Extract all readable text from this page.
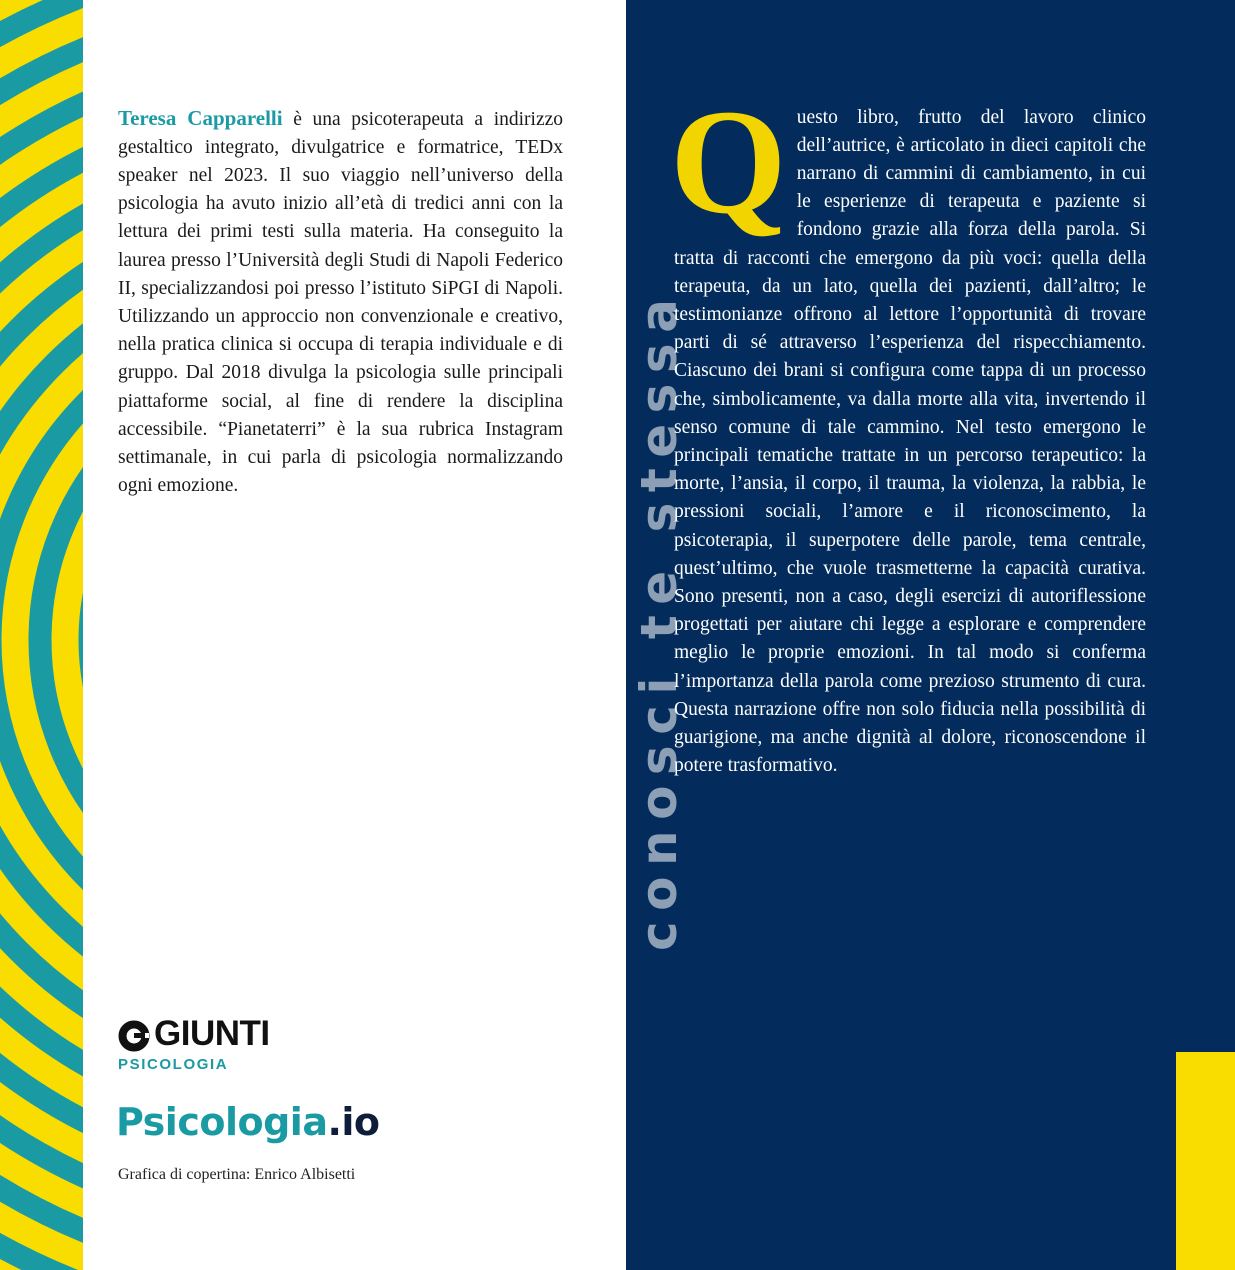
Teresa Capparelli è una psicoterapeuta a indirizzo gestaltico integrato, divulgatrice e formatrice, TEDx speaker nel 2023. Il suo viaggio nell’universo della psicologia ha avuto inizio all’età di tredici anni con la lettura dei primi testi sulla materia. Ha conseguito la laurea presso l’Università degli Studi di Napoli Federico II, specializzandosi poi presso l’istituto SiPGI di Napoli. Utilizzando un approccio non convenzionale e creativo, nella pratica clinica si occupa di terapia individuale e di gruppo. Dal 2018 divulga la psicologia sulle principali piattaforme social, al fine di rendere la disciplina accessibile. “Pianetaterri” è la sua rubrica Instagram settimanale, in cui parla di psicologia normalizzando ogni emozione.

GIUNTI
PSICOLOGIA
Psicologia.io
Grafica di copertina: Enrico Albisetti
conosci te stessa

Questo libro, frutto del lavoro clinico dell’autrice, è articolato in dieci capitoli che narrano di cammini di cambiamento, in cui le esperienze di terapeuta e paziente si fondono grazie alla forza della parola. Si tratta di racconti che emergono da più voci: quella della terapeuta, da un lato, quella dei pazienti, dall’altro; le testimonianze offrono al lettore l’opportunità di trovare parti di sé attraverso l’esperienza del rispecchiamento. Ciascuno dei brani si configura come tappa di un processo che, simbolicamente, va dalla morte alla vita, invertendo il senso comune di tale cammino. Nel testo emergono le principali tematiche trattate in un percorso terapeutico: la morte, l’ansia, il corpo, il trauma, la violenza, la rabbia, le pressioni sociali, l’amore e il riconoscimento, la psicoterapia, il superpotere delle parole, tema centrale, quest’ultimo, che vuole trasmetterne la capacità curativa. Sono presenti, non a caso, degli esercizi di autoriflessione progettati per aiutare chi legge a esplorare e comprendere meglio le proprie emozioni. In tal modo si conferma l’importanza della parola come prezioso strumento di cura. Questa narrazione offre non solo fiducia nella possibilità di guarigione, ma anche dignità al dolore, riconoscendone il potere trasformativo.
